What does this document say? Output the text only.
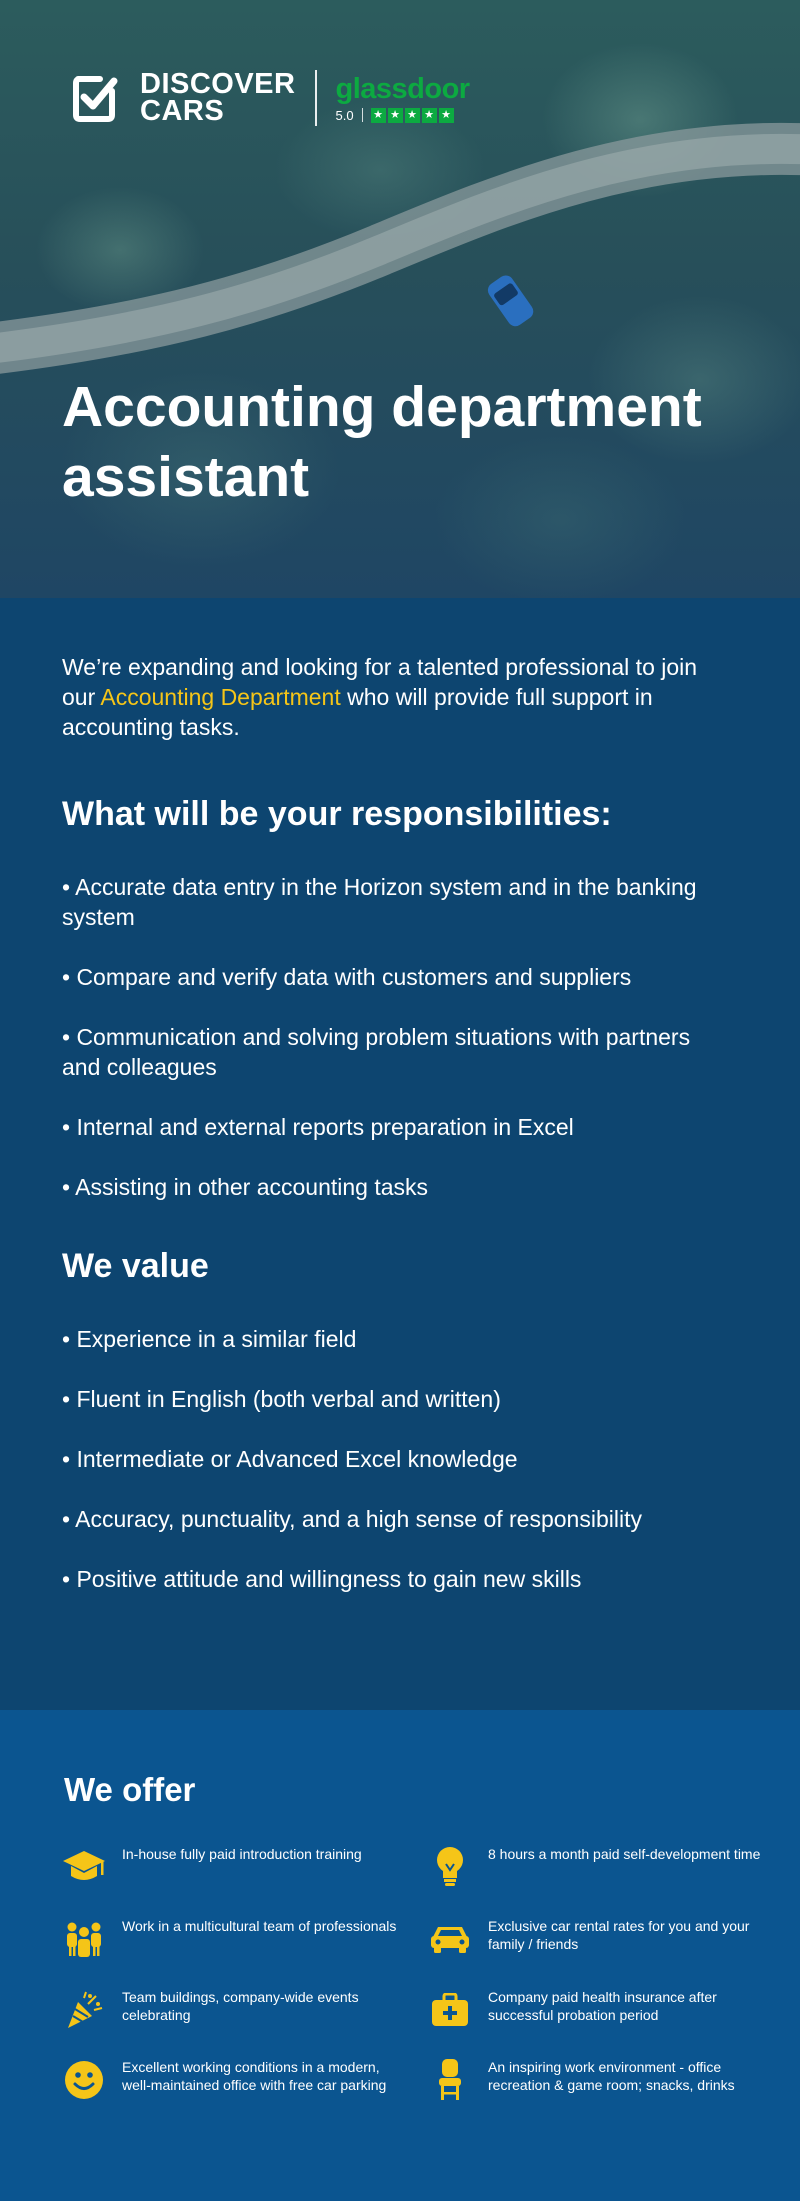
DISCOVER
CARS
glassdoor
5.0 ★ ★ ★ ★ ★
Accounting department assistant

We’re expanding and looking for a talented professional to join our Accounting Department who will provide full support in accounting tasks.

What will be your responsibilities:
• Accurate data entry in the Horizon system and in the banking system
• Compare and verify data with customers and suppliers
• Communication and solving problem situations with partners and colleagues
• Internal and external reports preparation in Excel
• Assisting in other accounting tasks
We value
• Experience in a similar field
• Fluent in English (both verbal and written)
• Intermediate or Advanced Excel knowledge
• Accuracy, punctuality, and a high sense of responsibility
• Positive attitude and willingness to gain new skills
We offer
In-house fully paid introduction training	8 hours a month paid self-development time
Work in a multicultural team of professionals	Exclusive car rental rates for you and your family / friends
Team buildings, company-wide events celebrating
Company paid health insurance after successful probation period
Excellent working conditions in a modern, well-maintained office with free car parking
An inspiring work environment - office recreation & game room; snacks, drinks
